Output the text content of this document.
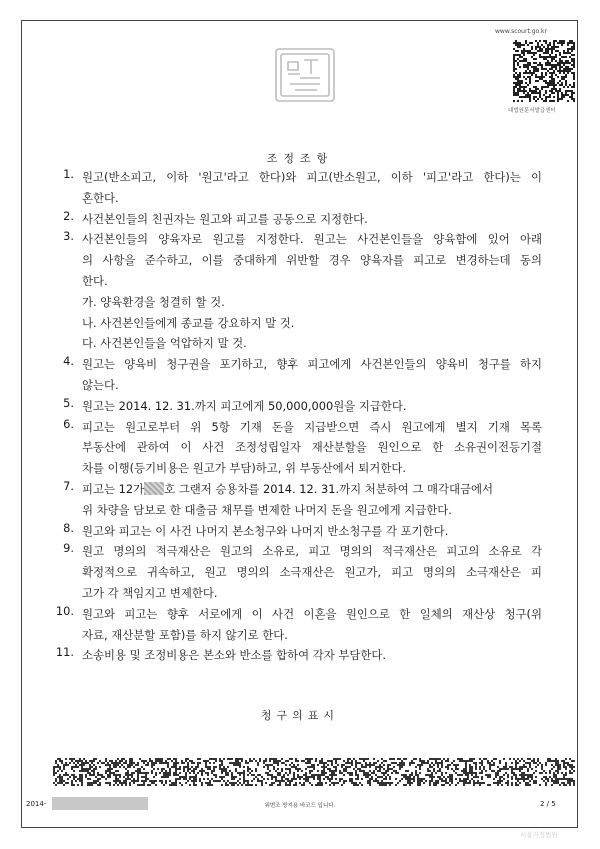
www.scourt.go.kr
대법원문서발급센터
조정조항
1. 원고(반소피고, 이하 '원고'라고 한다)와 피고(반소원고, 이하 '피고'라고 한다)는 이
혼한다.
2. 사건본인들의 친권자는 원고와 피고를 공동으로 지정한다.
3. 사건본인들의 양육자로 원고를 지정한다. 원고는 사건본인들을 양육함에 있어 아래
의 사항을 준수하고, 이를 중대하게 위반할 경우 양육자를 피고로 변경하는데 동의
한다.
가. 양육환경을 청결히 할 것.
나. 사건본인들에게 종교를 강요하지 말 것.
다. 사건본인들을 억압하지 말 것.
4. 원고는 양육비 청구권을 포기하고, 향후 피고에게 사건본인들의 양육비 청구를 하지
않는다.
5. 원고는 2014. 12. 31.까지 피고에게 50,000,000원을 지급한다.
6. 피고는 원고로부터 위 5항 기재 돈을 지급받으면 즉시 원고에게 별지 기재 목록
부동산에 관하여 이 사건 조정성립일자 재산분할을 원인으로 한 소유권이전등기절
차를 이행(등기비용은 원고가 부담)하고, 위 부동산에서 퇴거한다.
7. 피고는 12가 호 그랜저 승용차를 2014. 12. 31.까지 처분하여 그 매각대금에서
위 차량을 담보로 한 대출금 채무를 변제한 나머지 돈을 원고에게 지급한다.
8. 원고와 피고는 이 사건 나머지 본소청구와 나머지 반소청구를 각 포기한다.
9. 원고 명의의 적극재산은 원고의 소유로, 피고 명의의 적극재산은 피고의 소유로 각
확정적으로 귀속하고, 원고 명의의 소극재산은 원고가, 피고 명의의 소극재산은 피
고가 각 책임지고 변제한다.
10. 원고와 피고는 향후 서로에게 이 사건 이혼을 원인으로 한 일체의 재산상 청구(위
자료, 재산분할 포함)를 하지 않기로 한다.
11. 소송비용 및 조정비용은 본소와 반소를 합하여 각자 부담한다.
청구의표시
2014-	위변조 방지용 바코드 입니다.	2 / 5
서울가정법원
